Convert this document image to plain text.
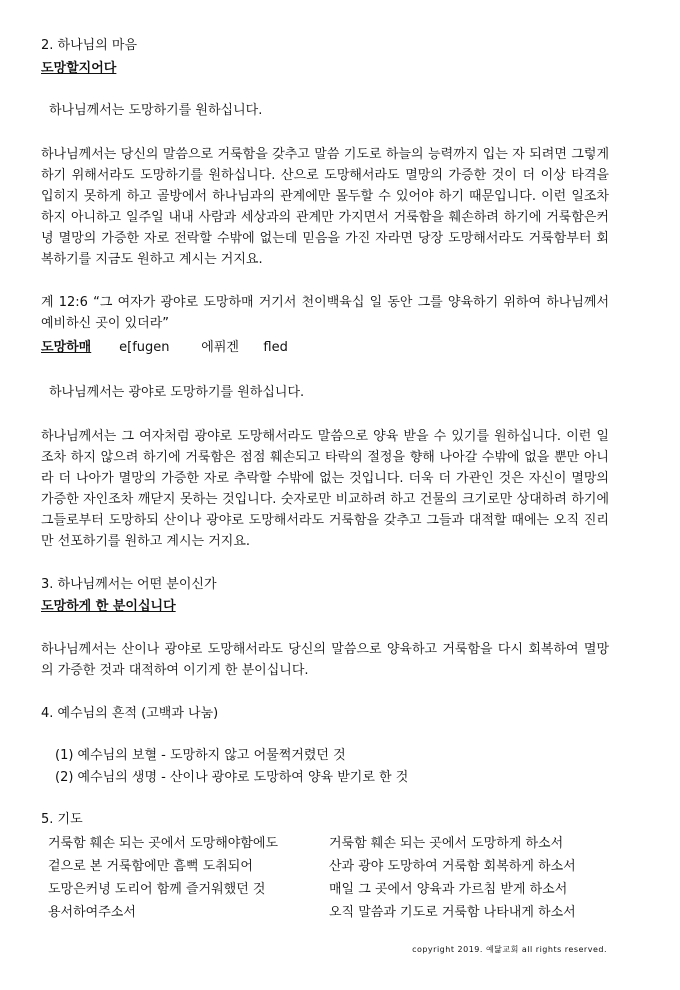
2. 하나님의 마음
도망할지어다
하나님께서는 도망하기를 원하십니다.
하나님께서는 당신의 말씀으로 거룩함을 갖추고 말씀 기도로 하늘의 능력까지 입는 자 되려면 그렇게 하기 위해서라도 도망하기를 원하십니다. 산으로 도망해서라도 멸망의 가증한 것이 더 이상 타격을 입히지 못하게 하고 골방에서 하나님과의 관계에만 몰두할 수 있어야 하기 때문입니다. 이런 일조차 하지 아니하고 일주일 내내 사람과 세상과의 관계만 가지면서 거룩함을 훼손하려 하기에 거룩함은커녕 멸망의 가증한 자로 전락할 수밖에 없는데 믿음을 가진 자라면 당장 도망해서라도 거룩함부터 회복하기를 지금도 원하고 계시는 거지요.
계 12:6 “그 여자가 광야로 도망하매 거기서 천이백육십 일 동안 그를 양육하기 위하여 하나님께서 예비하신 곳이 있더라”
도망하매 e[fugen 에퓌겐 fled
하나님께서는 광야로 도망하기를 원하십니다.
하나님께서는 그 여자처럼 광야로 도망해서라도 말씀으로 양육 받을 수 있기를 원하십니다. 이런 일조차 하지 않으려 하기에 거룩함은 점점 훼손되고 타락의 절정을 향해 나아갈 수밖에 없을 뿐만 아니라 더 나아가 멸망의 가증한 자로 추락할 수밖에 없는 것입니다. 더욱 더 가관인 것은 자신이 멸망의 가증한 자인조차 깨닫지 못하는 것입니다. 숫자로만 비교하려 하고 건물의 크기로만 상대하려 하기에 그들로부터 도망하되 산이나 광야로 도망해서라도 거룩함을 갖추고 그들과 대적할 때에는 오직 진리만 선포하기를 원하고 계시는 거지요.
3. 하나님께서는 어떤 분이신가
도망하게 한 분이십니다
하나님께서는 산이나 광야로 도망해서라도 당신의 말씀으로 양육하고 거룩함을 다시 회복하여 멸망의 가증한 것과 대적하여 이기게 한 분이십니다.
4. 예수님의 흔적 (고백과 나눔)
(1) 예수님의 보혈 - 도망하지 않고 어물쩍거렸던 것
(2) 예수님의 생명 - 산이나 광야로 도망하여 양육 받기로 한 것
5. 기도
거룩함 훼손 되는 곳에서 도망해야함에도
겉으로 본 거룩함에만 흠뻑 도취되어
도망은커녕 도리어 함께 즐거워했던 것
용서하여주소서
거룩함 훼손 되는 곳에서 도망하게 하소서
산과 광야 도망하여 거룩함 회복하게 하소서
매일 그 곳에서 양육과 가르침 받게 하소서
오직 말씀과 기도로 거룩함 나타내게 하소서
copyright 2019. 예닮교회 all rights reserved.
